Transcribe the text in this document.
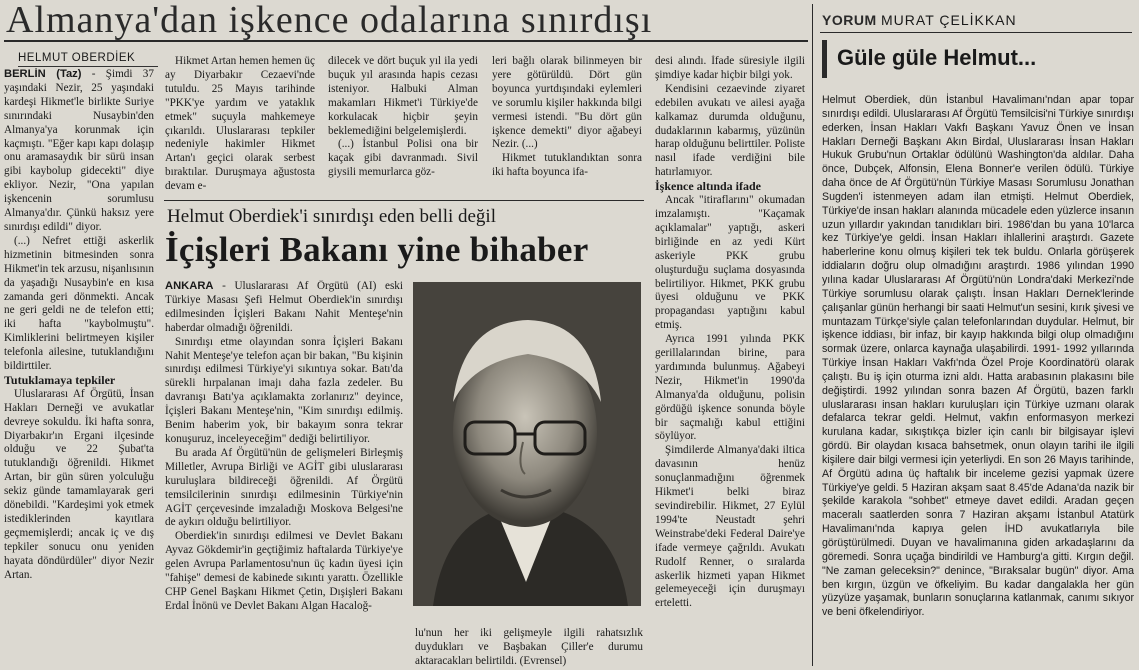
Almanya'dan işkence odalarına sınırdışı
HELMUT OBERDİEK

BERLİN (Taz) - Şimdi 37 yaşındaki Nezir, 25 yaşındaki kardeşi Hikmet'le birlikte Suriye sınırındaki Nusaybin'den Almanya'ya korunmak için kaçmıştı. "Eğer kapı kapı dolaşıp onu aramasaydık bir sürü insan gibi kaybolup gidecekti" diye ekliyor. Nezir, "Ona yapılan işkencenin sorumlusu Almanya'dır. Çünkü haksız yere sınırdışı edildi" diyor.

(...) Nefret ettiği askerlik hizmetinin bitmesinden sonra Hikmet'in tek arzusu, nişanlısının da yaşadığı Nusaybin'e en kısa zamanda geri dönmekti. Ancak ne geri geldi ne de telefon etti; iki hafta "kaybolmuştu". Kimliklerini belirtmeyen kişiler telefonla ailesine, tutuklandığını bildirttiler.

Tutuklamaya tepkiler

Uluslararası Af Örgütü, İnsan Hakları Derneği ve avukatlar devreye sokuldu. İki hafta sonra, Diyarbakır'ın Ergani ilçesinde olduğu ve 22 Şubat'ta tutuklandığı öğrenildi. Hikmet Artan, bir gün süren yolculuğu sekiz günde tamamlayarak geri dönebildi. "Kardeşimi yok etmek istediklerinden kayıtlara geçmemişlerdi; ancak iç ve dış tepkiler sonucu onu yeniden hayata döndürdüler" diyor Nezir Artan.

Hikmet Artan hemen hemen üç ay Diyarbakır Cezaevi'nde tutuldu. 25 Mayıs tarihinde "PKK'ye yardım ve yataklık etmek" suçuyla mahkemeye çıkarıldı. Uluslararası tepkiler nedeniyle hakimler Hikmet Artan'ı geçici olarak serbest bıraktılar. Duruşmaya ağustosta devam e-

dilecek ve dört buçuk yıl ila yedi buçuk yıl arasında hapis cezası isteniyor. Halbuki Alman makamları Hikmet'i Türkiye'de korkulacak hiçbir şeyin beklemediğini belgelemişlerdi.

(...) İstanbul Polisi ona bir kaçak gibi davranmadı. Sivil giysili memurlarca göz-

leri bağlı olarak bilinmeyen bir yere götürüldü. Dört gün boyunca yurtdışındaki eylemleri ve sorumlu kişiler hakkında bilgi vermesi istendi. "Bu dört gün işkence demekti" diyor ağabeyi Nezir. (...)

Hikmet tutuklandıktan sonra iki hafta boyunca ifa-

Helmut Oberdiek'i sınırdışı eden belli değil
İçişleri Bakanı yine bihaber

ANKARA - Uluslararası Af Örgütü (AI) eski Türkiye Masası Şefi Helmut Oberdiek'in sınırdışı edilmesinden İçişleri Bakanı Nahit Menteşe'nin haberdar olmadığı öğrenildi.

Sınırdışı etme olayından sonra İçişleri Bakanı Nahit Menteşe'ye telefon açan bir bakan, "Bu kişinin sınırdışı edilmesi Türkiye'yi sıkıntıya sokar. Batı'da sürekli hırpalanan imajı daha fazla zedeler. Bu davranışı Batı'ya açıklamakta zorlanırız" deyince, İçişleri Bakanı Menteşe'nin, "Kim sınırdışı edilmiş. Benim haberim yok, bir bakayım sonra tekrar konuşuruz, inceleyeceğim" dediği belirtiliyor.

Bu arada Af Örgütü'nün de gelişmeleri Birleşmiş Milletler, Avrupa Birliği ve AGİT gibi uluslararası kuruluşlara bildireceği öğrenildi. Af Örgütü temsilcilerinin sınırdışı edilmesinin Türkiye'nin AGİT çerçevesinde imzaladığı Moskova Belgesi'ne de aykırı olduğu belirtiliyor.

Oberdiek'in sınırdışı edilmesi ve Devlet Bakanı Ayvaz Gökdemir'in geçtiğimiz haftalarda Türkiye'ye gelen Avrupa Parlamentosu'nun üç kadın üyesi için "fahişe" demesi de kabinede sıkıntı yarattı. Özellikle CHP Genel Başkanı Hikmet Çetin, Dışişleri Bakanı Erdal İnönü ve Devlet Bakanı Algan Hacaloğ-

lu'nun her iki gelişmeyle ilgili rahatsızlık duydukları ve Başbakan Çiller'e durumu aktaracakları belirtildi. (Evrensel)

desi alındı. İfade süresiyle ilgili şimdiye kadar hiçbir bilgi yok.

Kendisini cezaevinde ziyaret edebilen avukatı ve ailesi ayağa kalkamaz durumda olduğunu, dudaklarının kabarmış, yüzünün harap olduğunu belirttiler. Poliste nasıl ifade verdiğini bile hatırlamıyor.

İşkence altında ifade

Ancak "itiraflarını" okumadan imzalamıştı. "Kaçamak açıklamalar" yaptığı, askeri birliğinde en az yedi Kürt askeriyle PKK grubu oluşturduğu suçlama dosyasında belirtiliyor. Hikmet, PKK grubu üyesi olduğunu ve PKK propagandası yaptığını kabul etmiş.

Ayrıca 1991 yılında PKK gerillalarından birine, para yardımında bulunmuş. Ağabeyi Nezir, Hikmet'in 1990'da Almanya'da olduğunu, polisin gördüğü işkence sonunda böyle bir saçmalığı kabul ettiğini söylüyor.

Şimdilerde Almanya'daki iltica davasının henüz sonuçlanmadığını öğrenmek Hikmet'i belki biraz sevindirebilir. Hikmet, 27 Eylül 1994'te Neustadt şehri Weinstrabe'deki Federal Daire'ye ifade vermeye çağrıldı. Avukatı Rudolf Renner, o sıralarda askerlik hizmeti yapan Hikmet gelemeyeceği için duruşmayı erteletti.

YORUM MURAT ÇELİKKAN
Güle güle Helmut...

Helmut Oberdiek, dün İstanbul Havalimanı'ndan apar topar sınırdışı edildi. Uluslararası Af Örgütü Temsilcisi'ni Türkiye sınırdışı ederken, İnsan Hakları Vakfı Başkanı Yavuz Önen ve İnsan Hakları Derneği Başkanı Akın Birdal, Uluslararası İnsan Hakları Hukuk Grubu'nun Ortaklar ödülünü Washington'da aldılar. Daha önce, Dubçek, Alfonsin, Elena Bonner'e verilen ödülü. Türkiye daha önce de Af Örgütü'nün Türkiye Masası Sorumlusu Jonathan Sugden'i istenmeyen adam ilan etmişti. Helmut Oberdiek, Türkiye'de insan hakları alanında mücadele eden yüzlerce insanın uzun yıllardır yakından tanıdıkları biri. 1986'dan bu yana 10'larca kez Türkiye'ye geldi. İnsan Hakları ihlallerini araştırdı. Gazete haberlerine konu olmuş kişileri tek tek buldu. Onlarla görüşerek iddiaların doğru olup olmadığını araştırdı. 1986 yılından 1990 yılına kadar Uluslararası Af Örgütü'nün Londra'daki Merkezi'nde Türkiye sorumlusu olarak çalıştı. İnsan Hakları Dernek'lerinde çalışanlar günün herhangi bir saati Helmut'un sesini, kırık şivesi ve muntazam Türkçe'siyle çalan telefonlarından duydular. Helmut, bir işkence iddiası, bir infaz, bir kayıp hakkında bilgi olup olmadığını sormak üzere, onlarca kaynağa ulaşabilirdi. 1991- 1992 yıllarında Türkiye İnsan Hakları Vakfı'nda Özel Proje Koordinatörü olarak çalıştı. Bu iş için oturma izni aldı. Hatta arabasının plakasını bile değiştirdi. 1992 yılından sonra bazen Af Örgütü, bazen farklı uluslararası insan hakları kuruluşları için Türkiye uzmanı olarak defalarca tekrar geldi. Helmut, vakfın enformasyon merkezi kurulana kadar, sıkıştıkça bizler için canlı bir bilgisayar işlevi gördü. Bir olaydan kısaca bahsetmek, onun olayın tarihi ile ilgili kişilere dair bilgi vermesi için yeterliydi. En son 26 Mayıs tarihinde, Af Örgütü adına üç haftalık bir inceleme gezisi yapmak üzere Türkiye'ye geldi. 5 Haziran akşam saat 8.45'de Adana'da nazik bir şekilde karakola "sohbet" etmeye davet edildi. Aradan geçen maceralı saatlerden sonra 7 Haziran akşamı İstanbul Atatürk Havalimanı'nda kapıya gelen İHD avukatlarıyla bile görüştürülmedi. Duyan ve havalimanına giden arkadaşlarını da göremedi. Sonra uçağa bindirildi ve Hamburg'a gitti. Kırgın değil. "Ne zaman geleceksin?" denince, "Bıraksalar bugün" diyor. Ama ben kırgın, üzgün ve öfkeliyim. Bu kadar dangalakla her gün yüzyüze yaşamak, bunların sonuçlarına katlanmak, canımı sıkıyor ve beni öfkelendiriyor.
